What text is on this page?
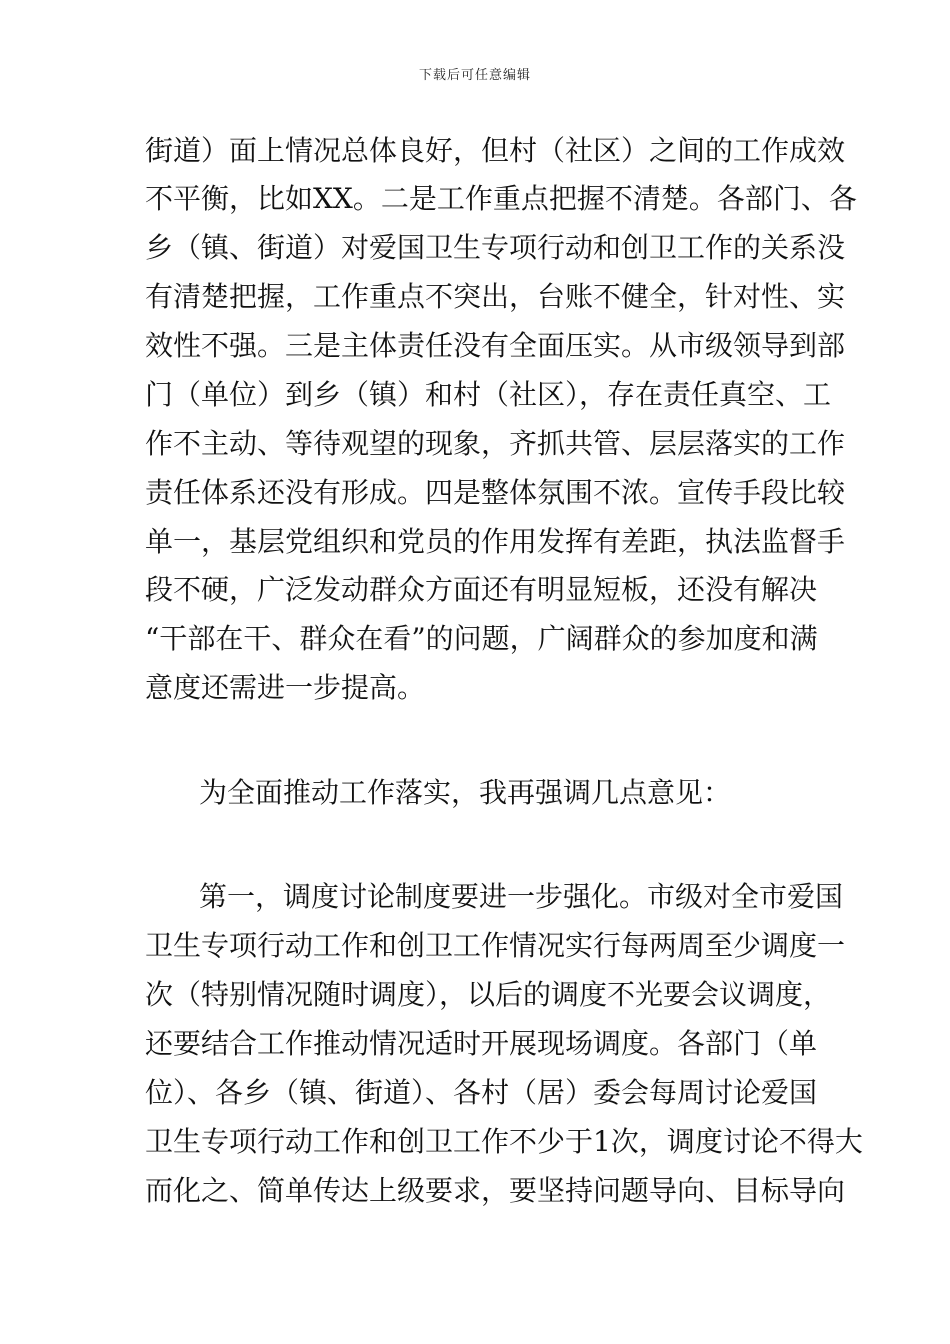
下载后可任意编辑
街道）面上情况总体良好，但村（社区）之间的工作成效
不平衡，比如XX。二是工作重点把握不清楚。各部门、各
乡（镇、街道）对爱国卫生专项行动和创卫工作的关系没
有清楚把握，工作重点不突出，台账不健全，针对性、实
效性不强。三是主体责任没有全面压实。从市级领导到部
门（单位）到乡（镇）和村（社区），存在责任真空、工
作不主动、等待观望的现象，齐抓共管、层层落实的工作
责任体系还没有形成。四是整体氛围不浓。宣传手段比较
单一，基层党组织和党员的作用发挥有差距，执法监督手
段不硬，广泛发动群众方面还有明显短板，还没有解决
“干部在干、群众在看”的问题，广阔群众的参加度和满
意度还需进一步提高。
为全面推动工作落实，我再强调几点意见：
第一，调度讨论制度要进一步强化。市级对全市爱国
卫生专项行动工作和创卫工作情况实行每两周至少调度一
次（特别情况随时调度），以后的调度不光要会议调度，
还要结合工作推动情况适时开展现场调度。各部门（单
位）、各乡（镇、街道）、各村（居）委会每周讨论爱国
卫生专项行动工作和创卫工作不少于1次，调度讨论不得大
而化之、简单传达上级要求，要坚持问题导向、目标导向
